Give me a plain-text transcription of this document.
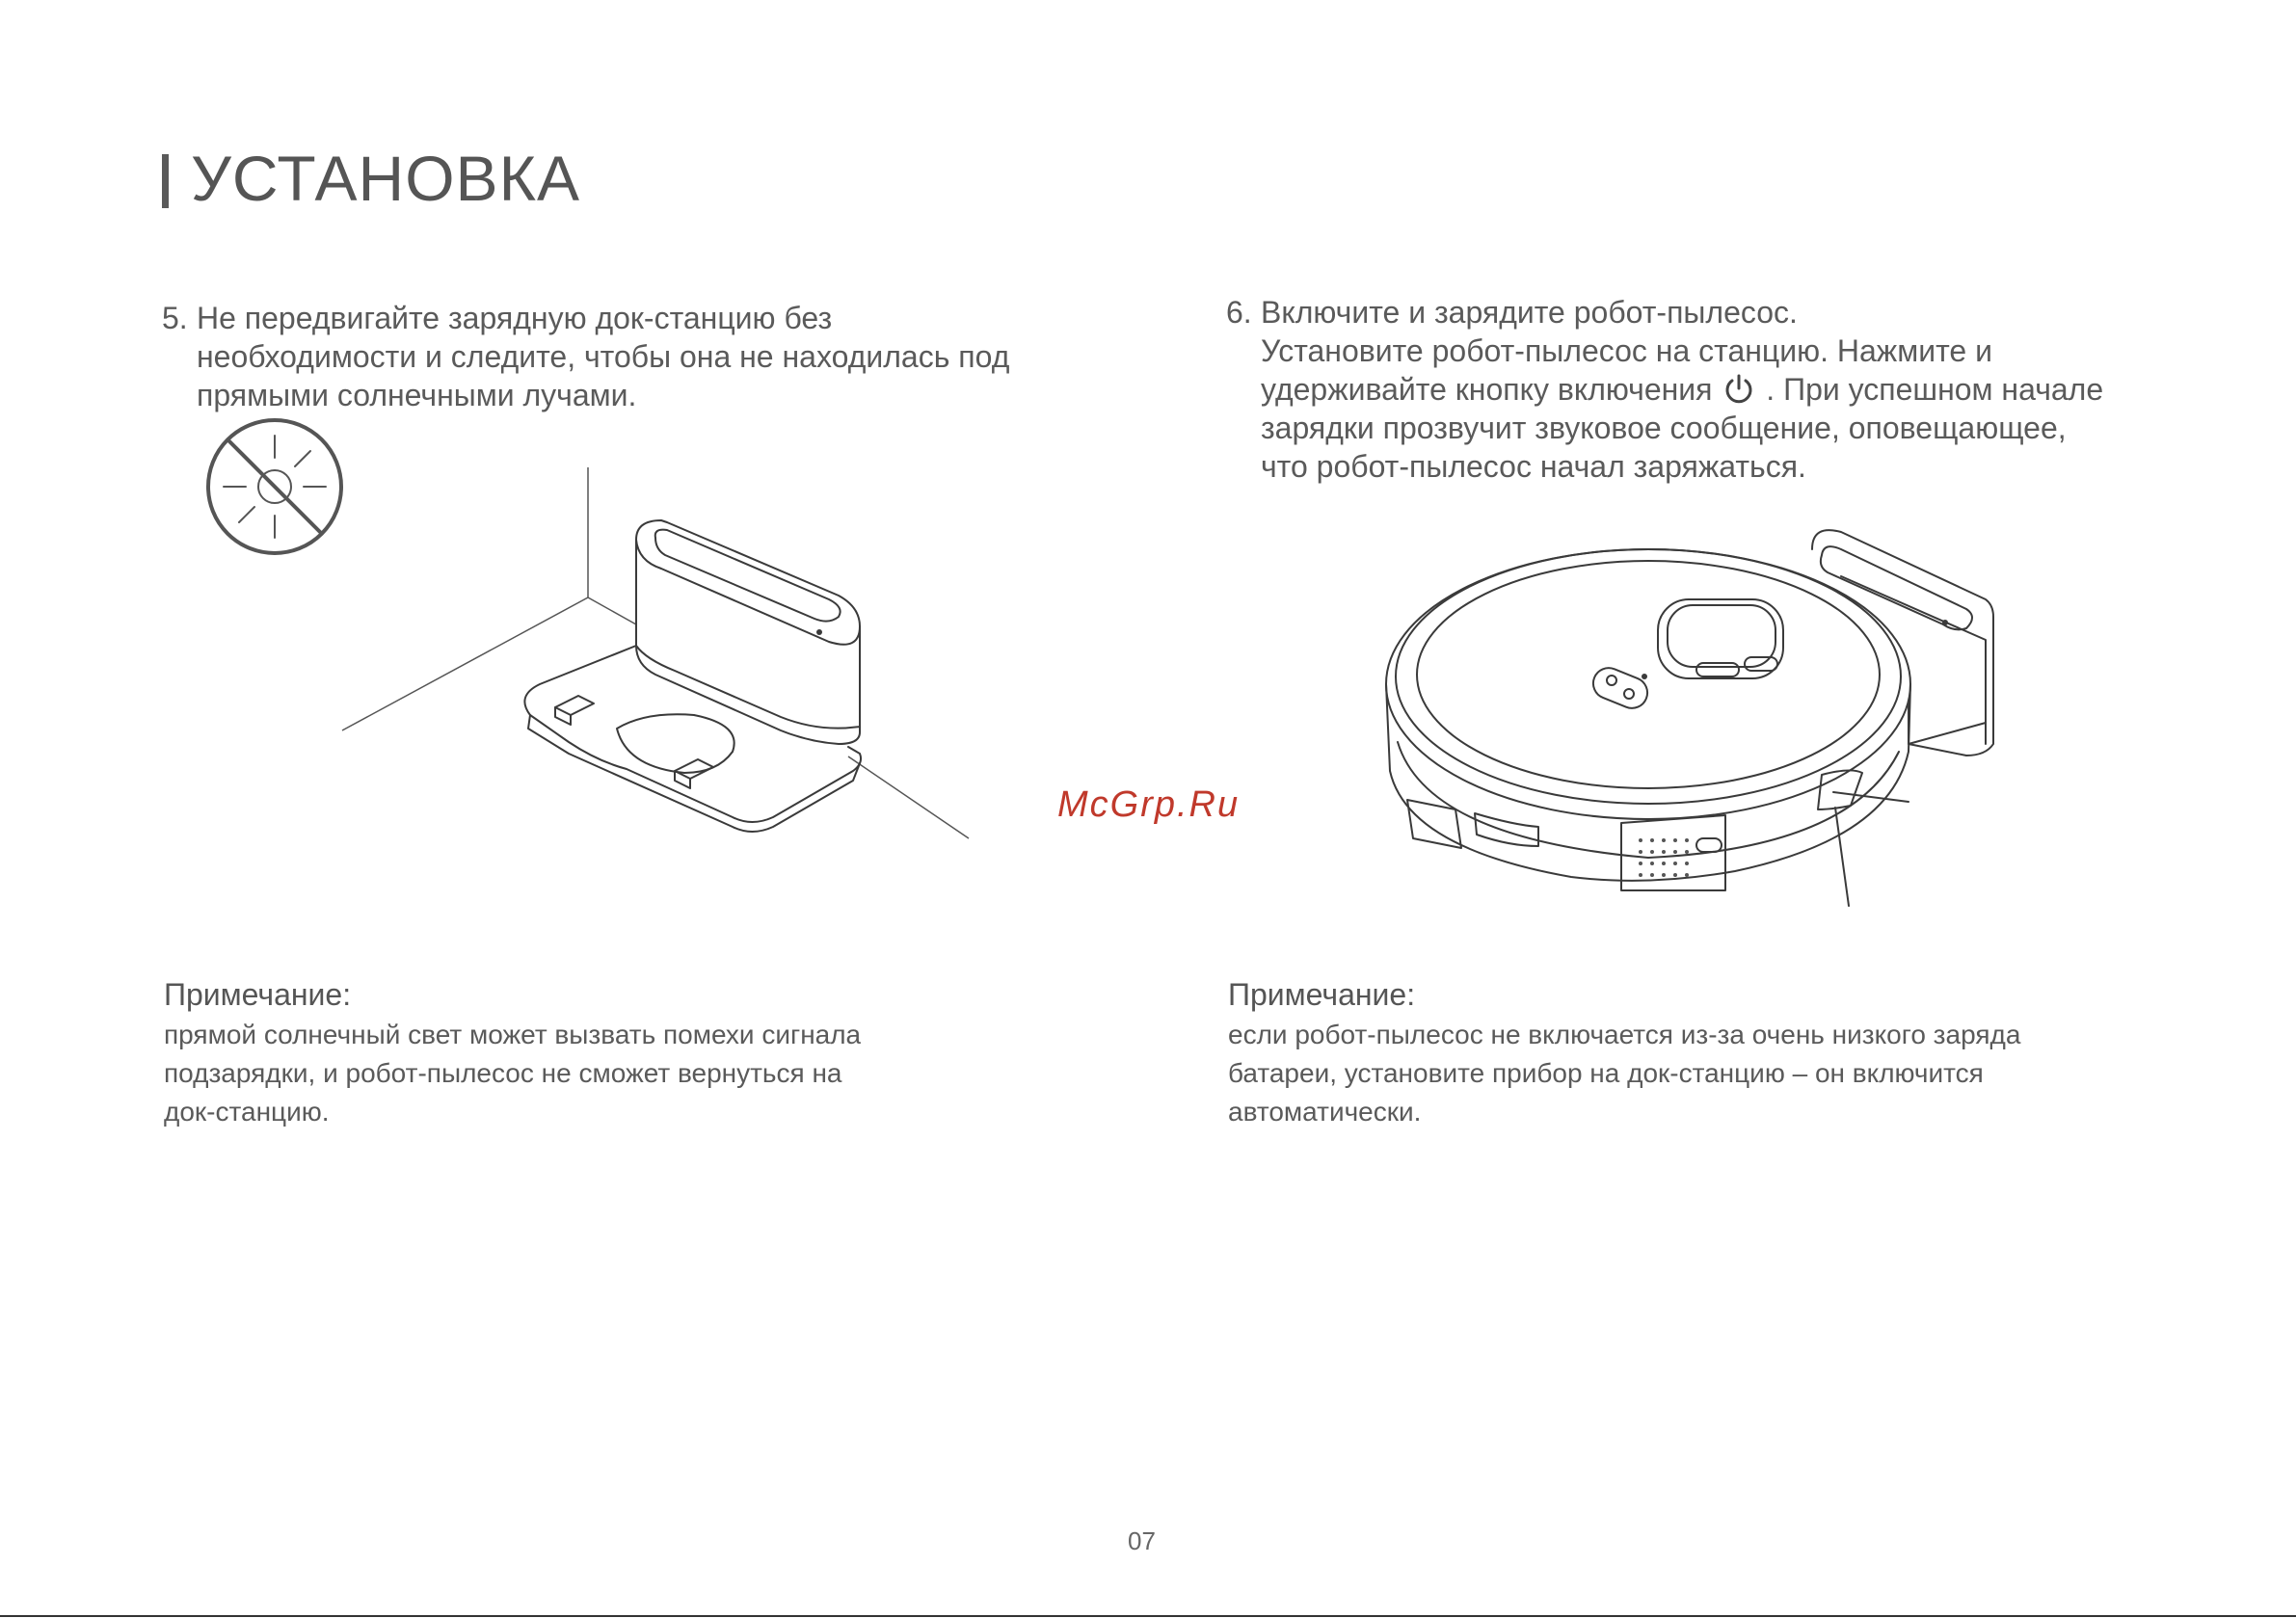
УСТАНОВКА
5. Не передвигайте зарядную док-станцию без
необходимости и следите, чтобы она не находилась под
прямыми солнечными лучами.
6. Включите и зарядите робот-пылесос.
Установите робот-пылесос на станцию. Нажмите и
удерживайте кнопку включения . При успешном начале
зарядки прозвучит звуковое сообщение, оповещающее,
что робот-пылесос начал заряжаться.
Примечание:
прямой солнечный свет может вызвать помехи сигнала
подзарядки, и робот-пылесос не сможет вернуться на
док-станцию.
Примечание:
если робот-пылесос не включается из-за очень низкого заряда
батареи, установите прибор на док-станцию – он включится
автоматически.
McGrp.Ru
07
